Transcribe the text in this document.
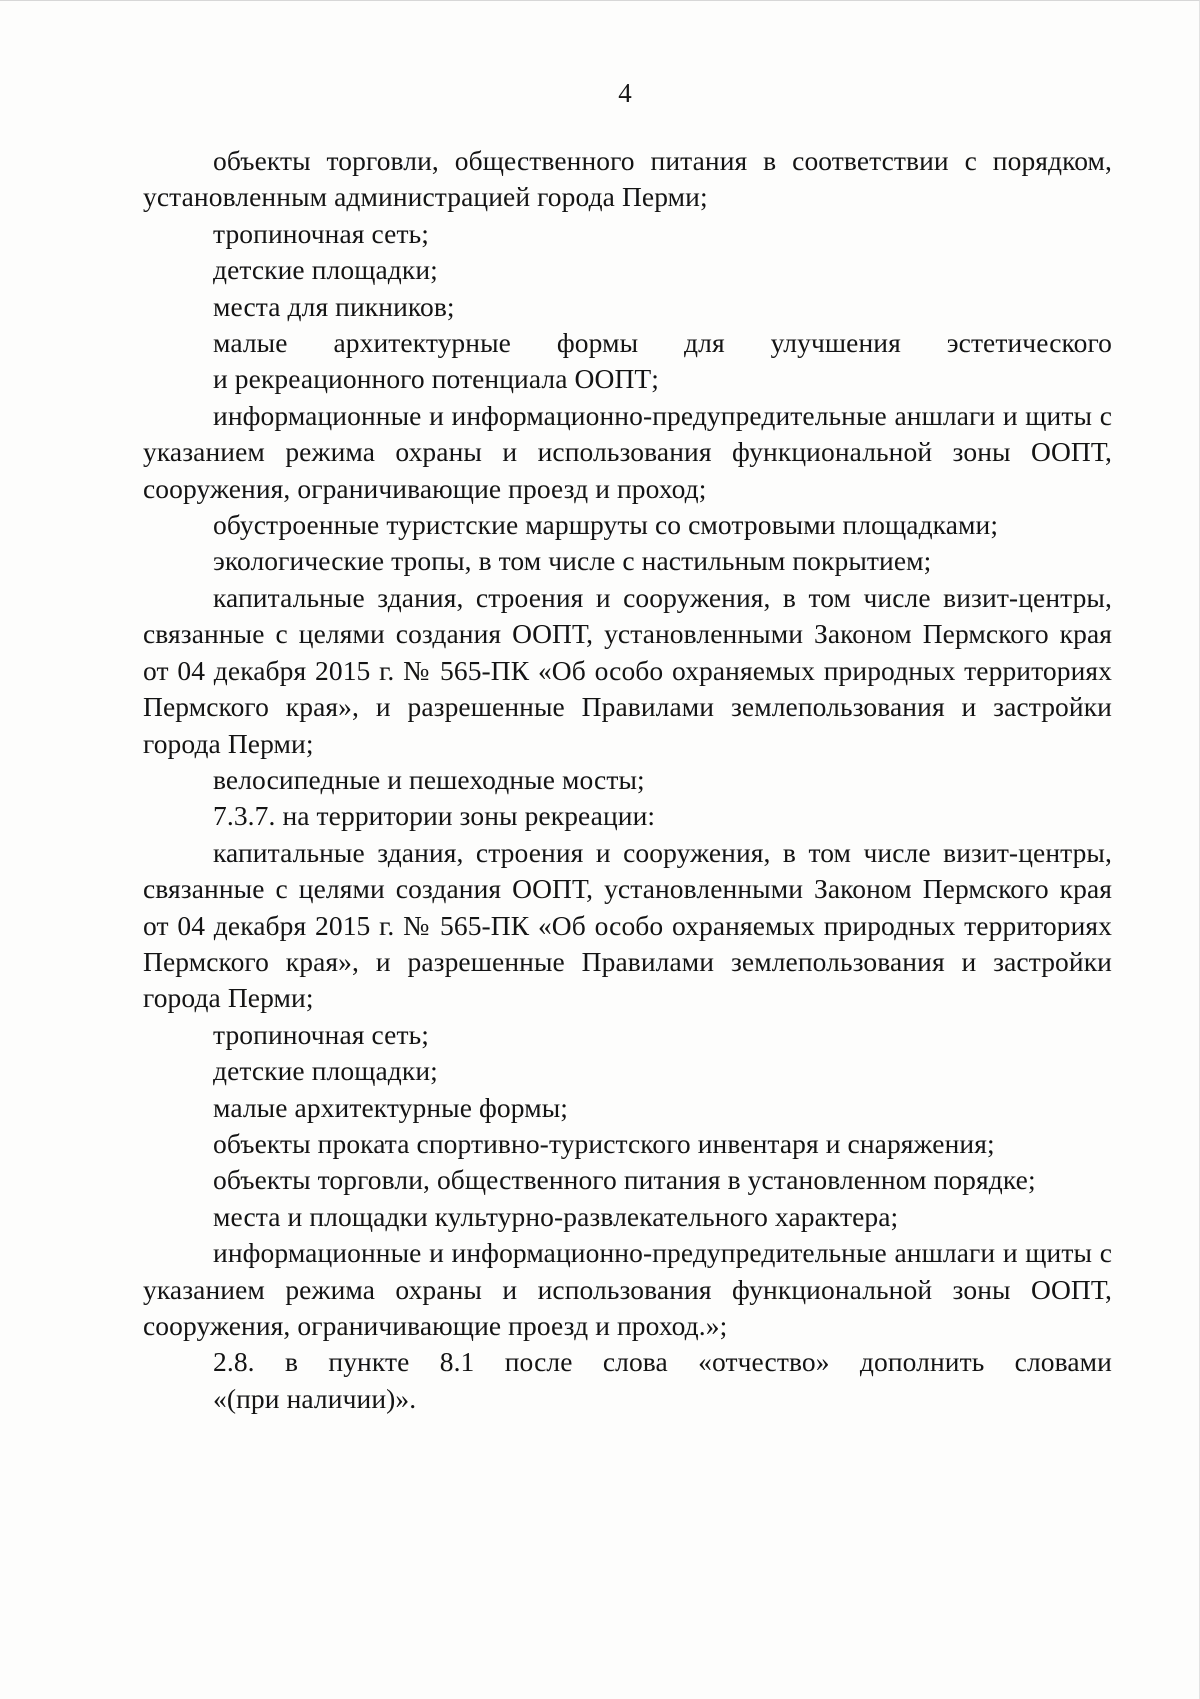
4

объекты торговли, общественного питания в соответствии с порядком, установленным администрацией города Перми;

тропиночная сеть;

детские площадки;

места для пикников;

малые архитектурные формы для улучшения эстетического
и рекреационного потенциала ООПТ;

информационные и информационно-предупредительные аншлаги и щиты с указанием режима охраны и использования функциональной зоны ООПТ, сооружения, ограничивающие проезд и проход;

обустроенные туристские маршруты со смотровыми площадками;

экологические тропы, в том числе с настильным покрытием;

капитальные здания, строения и сооружения, в том числе визит-центры, связанные с целями создания ООПТ, установленными Законом Пермского края от 04 декабря 2015 г. № 565-ПК «Об особо охраняемых природных территориях Пермского края», и разрешенные Правилами землепользования и застройки города Перми;

велосипедные и пешеходные мосты;

7.3.7. на территории зоны рекреации:

капитальные здания, строения и сооружения, в том числе визит-центры, связанные с целями создания ООПТ, установленными Законом Пермского края от 04 декабря 2015 г. № 565-ПК «Об особо охраняемых природных территориях Пермского края», и разрешенные Правилами землепользования и застройки города Перми;

тропиночная сеть;

детские площадки;

малые архитектурные формы;

объекты проката спортивно-туристского инвентаря и снаряжения;

объекты торговли, общественного питания в установленном порядке;

места и площадки культурно-развлекательного характера;

информационные и информационно-предупредительные аншлаги и щиты с указанием режима охраны и использования функциональной зоны ООПТ, сооружения, ограничивающие проезд и проход.»;

2.8. в пункте 8.1 после слова «отчество» дополнить словами
«(при наличии)».
